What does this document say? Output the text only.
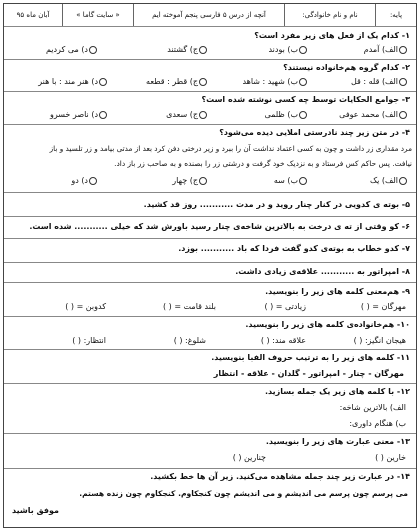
پایه:
نام و نام خانوادگی:
آنچه از درس ۵ فارسی پنجم آموخته ایم
« سایت گاما »
آبان ماه ۹۵
۱- کدام یک از فعل های زیر مفرد است؟
الف) آمدم
ب) بودند
ج) گشتند
د) می کردیم
۲- کدام گروه هم‌خانواده نیستند؟
الف) قله : قل
ب) شهید : شاهد
ج) قطر : قطعه
د) هنر مند : با هنر
۳- جوامع الحکایات توسط چه کسی نوشته شده است؟
الف) محمد عوفی
ب) ظلمی
ج) سعدی
د) ناصر خسرو
۴- در متن زیر چند نادرستی املایی دیده می‌شود؟
مرد مقداری زر داشت و چون به کسی اعتماد نداشت آن را ببرد و زیر درختی دفن کرد بعد از مدتی بیامد و زر تلسید و باز
نیافت. پس حاکم کس فرستاد و به نزدیک خود گرفت و درشتی زر را بصنده و به صاحب زر باز داد.
الف) یک
ب) سه
ج) چهار
د) دو
۵- بوته ی کدویی در کنار چنار روید و در مدت ........... روز قد کشید.
۶- کو وقتی از ته ی درخت به بالاترین شاخه‌ی چنار رسید باورش شد که خیلی ........... شده است.
۷- کدو خطاب به بوته‌ی کدو گفت فردا که باد ........... بوزد.
۸- امپراتور به ........... علاقه‌ی زیادی داشت.
۹- هم‌معنی کلمه های زیر را بنویسید.
مهرگان = ( )
زیادتی = ( )
بلند قامت = ( )
کدوبن = ( )
۱۰- هم‌خانواده‌ی کلمه های زیر را بنویسید.
هیجان انگیز: ( )
علاقه مند: ( )
شلوغ: ( )
انتظار: ( )
۱۱- کلمه های زیر را به ترتیب حروف الفبا بنویسید.
مهرگان - چنار - امپراتور - گلدان - علاقه - انتظار
۱۲- با کلمه های زیر یک جمله بسازید.
الف) بالاترین شاخه:
ب) هنگام داوری:
۱۳- معنی عبارت های زیر را بنویسید.
خارین ( )
چنارین ( )
۱۴- در عبارت زیر چند جمله مشاهده می‌کنید. زیر آن ها خط بکشید.
می پرسم چون پرسم می اندیشم و می اندیشم چون کنجکاوم. کنجکاوم چون زنده هستم.
موفق باشید
